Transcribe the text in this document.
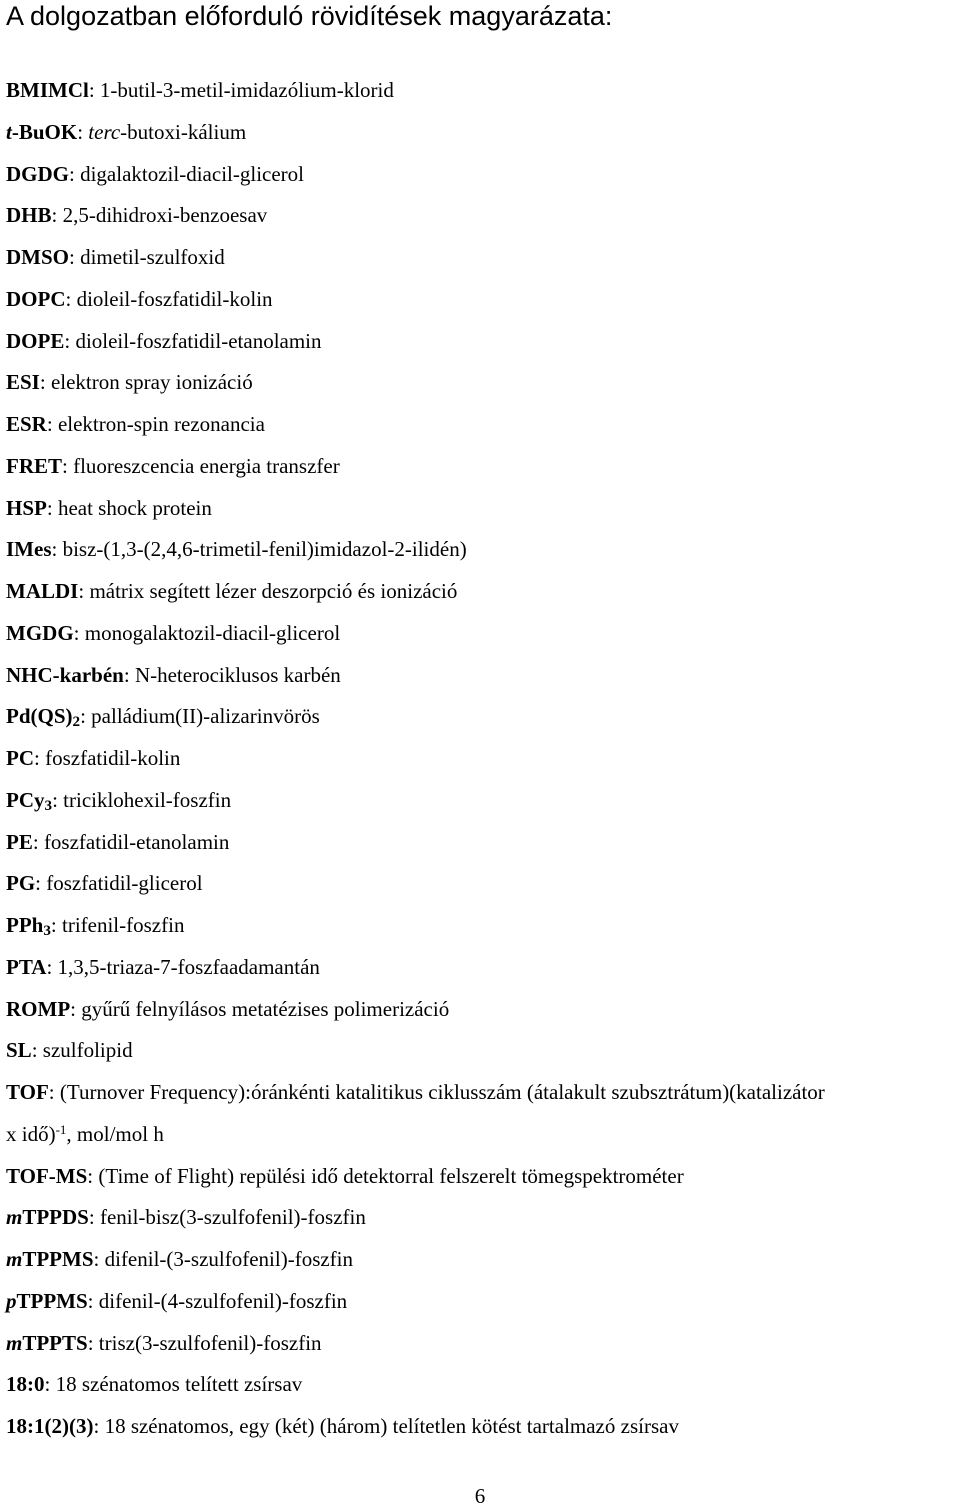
A dolgozatban előforduló rövidítések magyarázata:
BMIMCl: 1-butil-3-metil-imidazólium-klorid
t-BuOK: terc-butoxi-kálium
DGDG: digalaktozil-diacil-glicerol
DHB: 2,5-dihidroxi-benzoesav
DMSO: dimetil-szulfoxid
DOPC: dioleil-foszfatidil-kolin
DOPE: dioleil-foszfatidil-etanolamin
ESI: elektron spray ionizáció
ESR: elektron-spin rezonancia
FRET: fluoreszcencia energia transzfer
HSP: heat shock protein
IMes: bisz-(1,3-(2,4,6-trimetil-fenil)imidazol-2-ilidén)
MALDI: mátrix segített lézer deszorpció és ionizáció
MGDG: monogalaktozil-diacil-glicerol
NHC-karbén: N-heterociklusos karbén
$Pd(QS)_2$: palládium(II)-alizarinvörös
PC: foszfatidil-kolin
PCy$_3$: triciklohexil-foszfin
PE: foszfatidil-etanolamin
PG: foszfatidil-glicerol
PPh$_3$: trifenil-foszfin
PTA: 1,3,5-triaza-7-foszfaadamantán
ROMP: gyűrű felnyílásos metatézises polimerizáció
SL: szulfolipid
TOF: (Turnover Frequency):óránkénti katalitikus ciklusszám (átalakult szubsztrátum)(katalizátor
x idő)$^{-1}$, mol/mol h
TOF-MS: (Time of Flight) repülési idő detektorral felszerelt tömegspektrométer
mTPPDS: fenil-bisz(3-szulfofenil)-foszfin
mTPPMS: difenil-(3-szulfofenil)-foszfin
pTPPMS: difenil-(4-szulfofenil)-foszfin
mTPPTS: trisz(3-szulfofenil)-foszfin
18:0: 18 szénatomos telített zsírsav
18:1(2)(3): 18 szénatomos, egy (két) (három) telítetlen kötést tartalmazó zsírsav
6
